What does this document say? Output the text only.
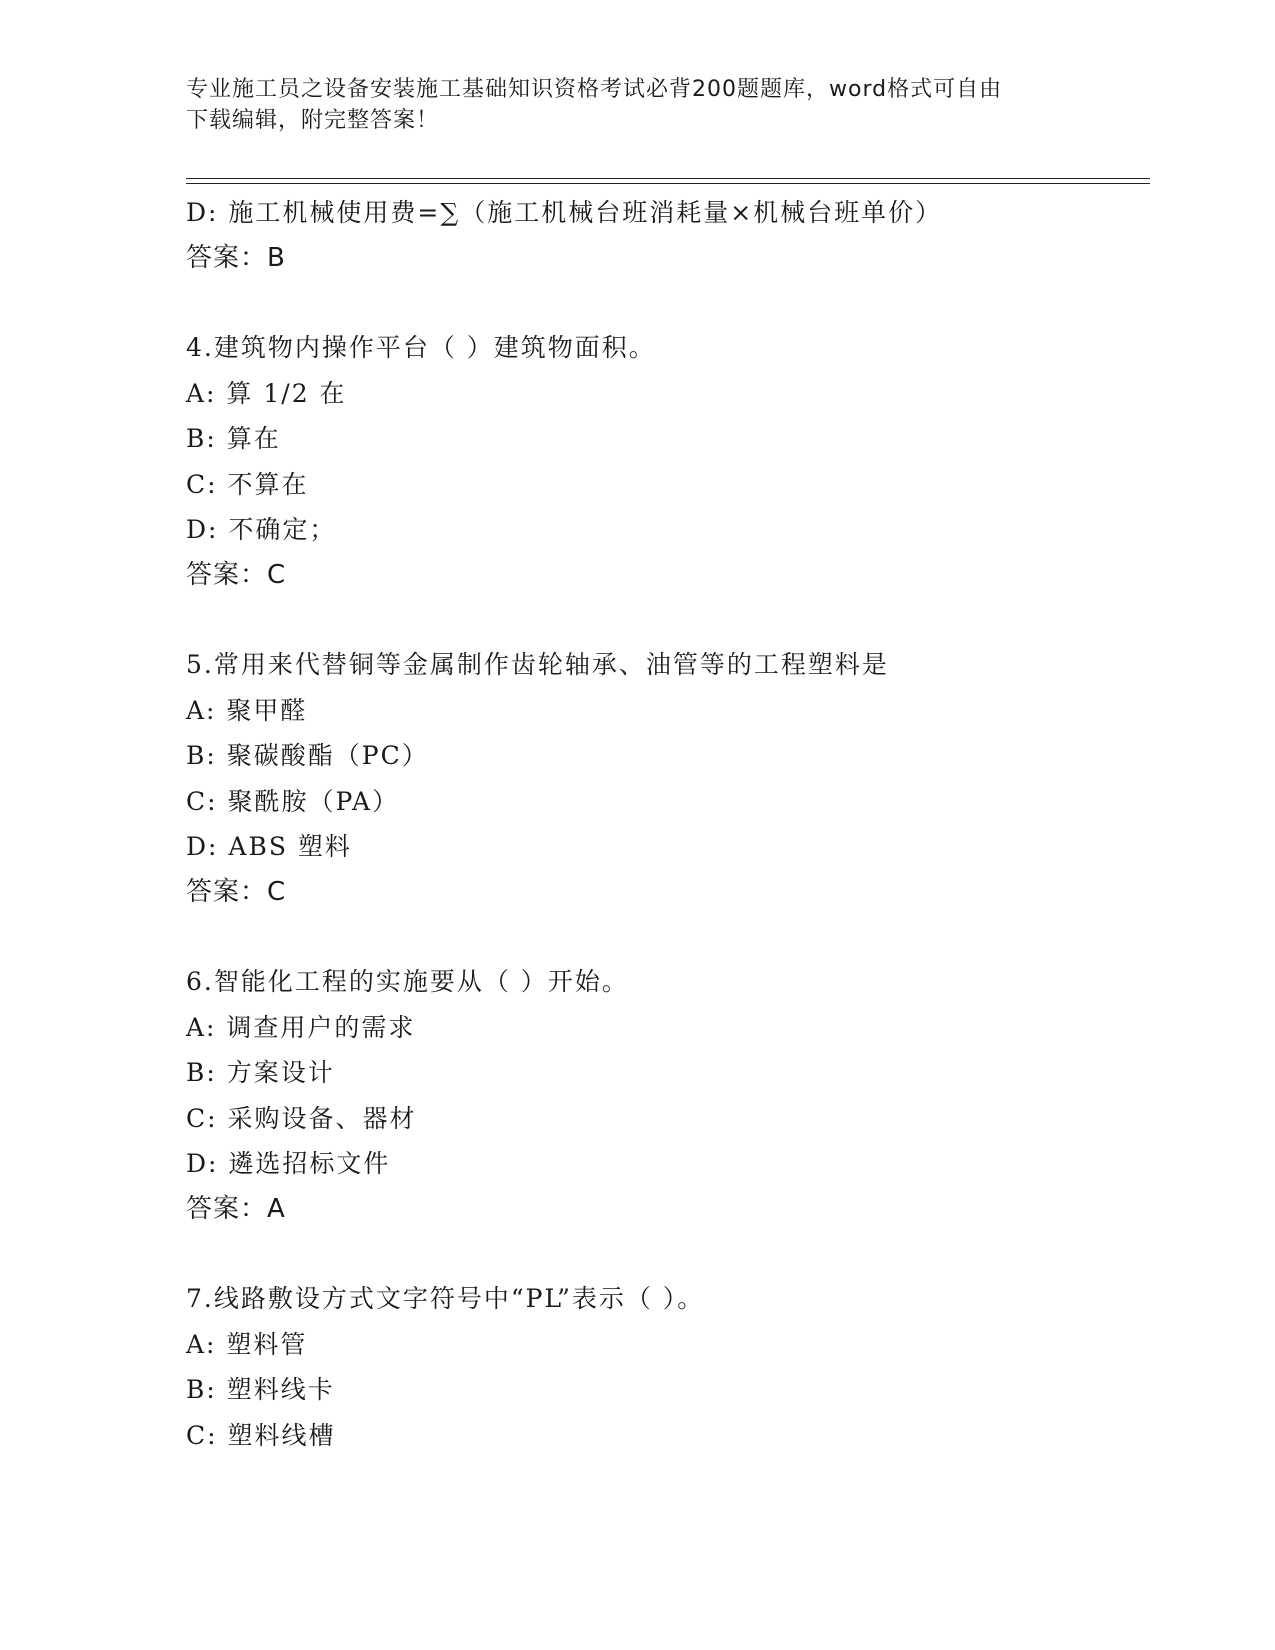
专业施工员之设备安装施工基础知识资格考试必背200题题库，word格式可自由
下载编辑，附完整答案！
D: 施工机械使用费=∑（施工机械台班消耗量×机械台班单价）
答案：B
4.建筑物内操作平台（ ）建筑物面积。
A: 算 1/2 在
B: 算在
C: 不算在
D: 不确定；
答案：C
5.常用来代替铜等金属制作齿轮轴承、油管等的工程塑料是
A: 聚甲醛
B: 聚碳酸酯（PC）
C: 聚酰胺（PA）
D: ABS 塑料
答案：C
6.智能化工程的实施要从（ ）开始。
A: 调查用户的需求
B: 方案设计
C: 采购设备、器材
D: 遴选招标文件
答案：A
7.线路敷设方式文字符号中“PL”表示（ ）。
A: 塑料管
B: 塑料线卡
C: 塑料线槽
